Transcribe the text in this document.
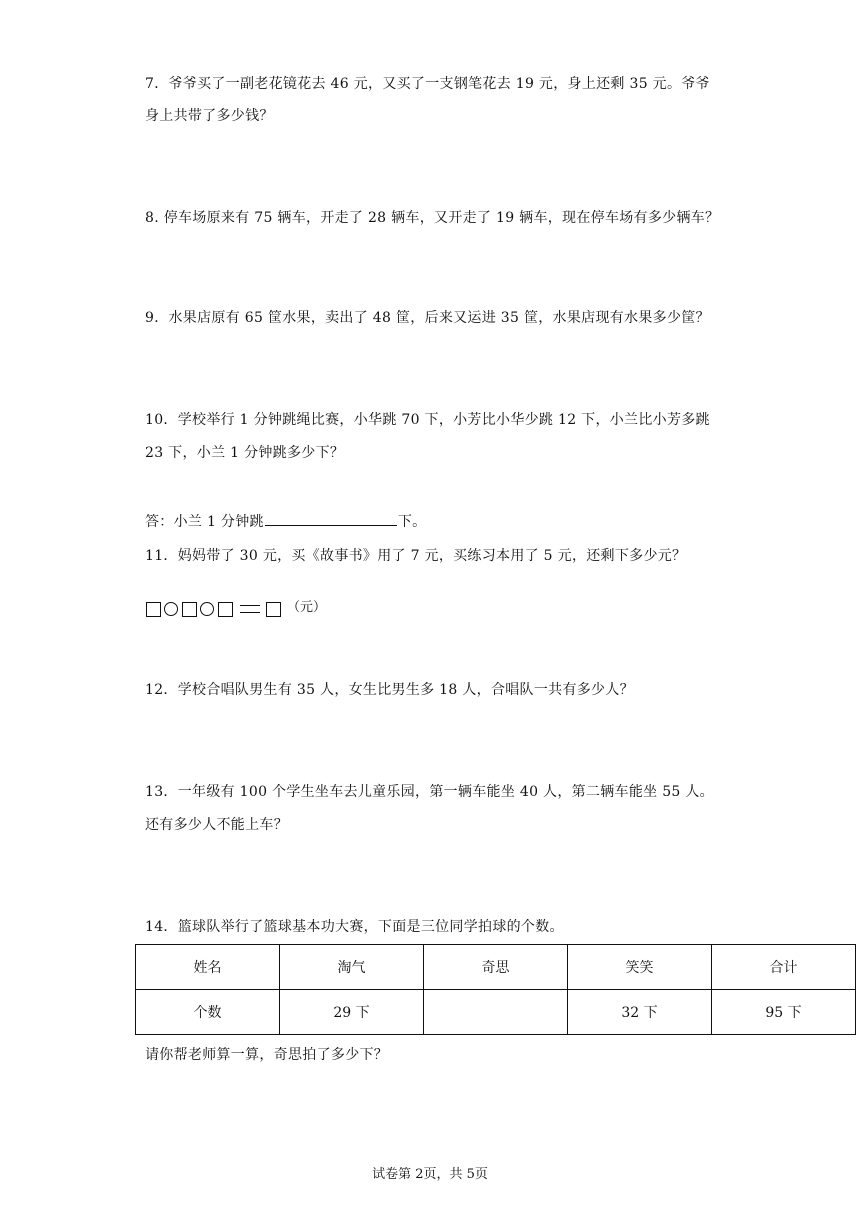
7．爷爷买了一副老花镜花去 46 元，又买了一支钢笔花去 19 元，身上还剩 35 元。爷爷
身上共带了多少钱？
8. 停车场原来有 75 辆车，开走了 28 辆车，又开走了 19 辆车，现在停车场有多少辆车？
9．水果店原有 65 筐水果，卖出了 48 筐，后来又运进 35 筐，水果店现有水果多少筐？
10．学校举行 1 分钟跳绳比赛，小华跳 70 下，小芳比小华少跳 12 下，小兰比小芳多跳
23 下，小兰 1 分钟跳多少下？
答：小兰 1 分钟跳	下。
11．妈妈带了 30 元，买《故事书》用了 7 元，买练习本用了 5 元，还剩下多少元？
（元）
12．学校合唱队男生有 35 人，女生比男生多 18 人，合唱队一共有多少人？
13．一年级有 100 个学生坐车去儿童乐园，第一辆车能坐 40 人，第二辆车能坐 55 人。
还有多少人不能上车？
14．篮球队举行了篮球基本功大赛，下面是三位同学拍球的个数。
姓名	淘气	奇思	笑笑	合计
个数	29 下		32 下	95 下
请你帮老师算一算，奇思拍了多少下？
试卷第 2页，共 5页
